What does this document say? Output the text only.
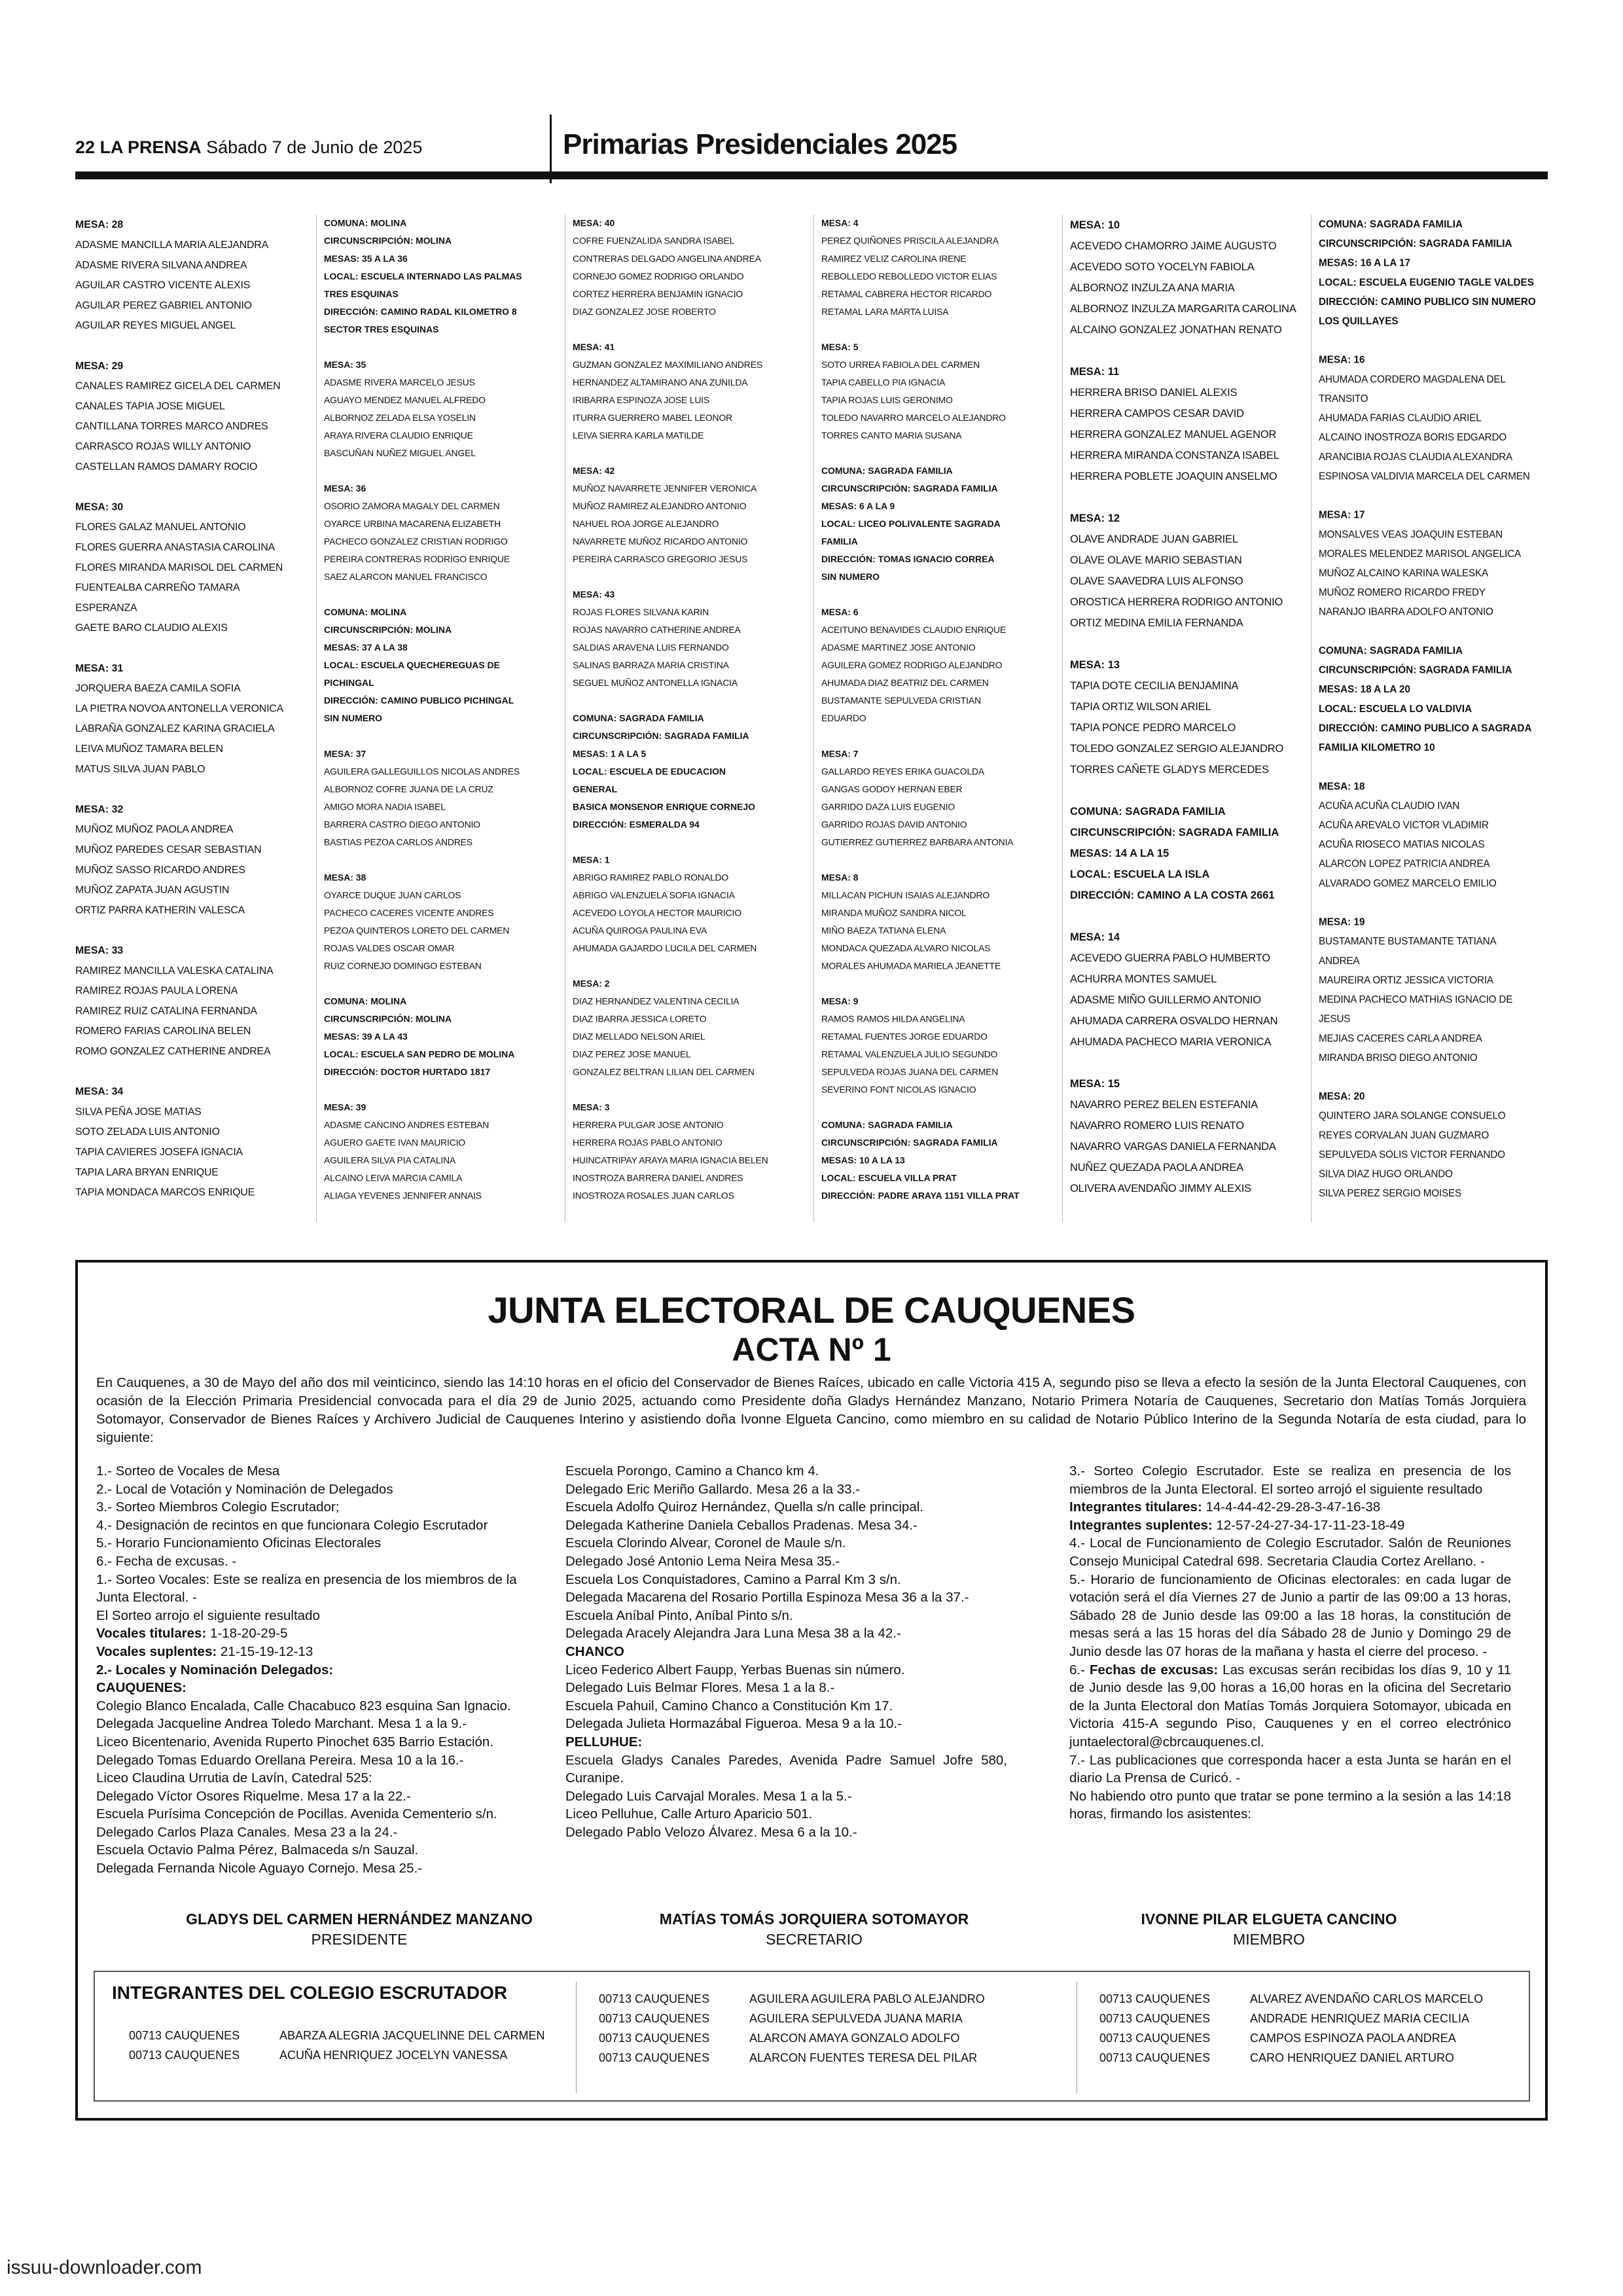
22 LA PRENSA Sábado 7 de Junio de 2025	Primarias Presidenciales 2025
MESA: 28
ADASME MANCILLA MARIA ALEJANDRA
ADASME RIVERA SILVANA ANDREA
AGUILAR CASTRO VICENTE ALEXIS
AGUILAR PEREZ GABRIEL ANTONIO
AGUILAR REYES MIGUEL ANGEL
MESA: 29
CANALES RAMIREZ GICELA DEL CARMEN
CANALES TAPIA JOSE MIGUEL
CANTILLANA TORRES MARCO ANDRES
CARRASCO ROJAS WILLY ANTONIO
CASTELLAN RAMOS DAMARY ROCIO
MESA: 30
FLORES GALAZ MANUEL ANTONIO
FLORES GUERRA ANASTASIA CAROLINA
FLORES MIRANDA MARISOL DEL CARMEN
FUENTEALBA CARREÑO TAMARA ESPERANZA
GAETE BARO CLAUDIO ALEXIS
MESA: 31
JORQUERA BAEZA CAMILA SOFIA
LA PIETRA NOVOA ANTONELLA VERONICA
LABRAÑA GONZALEZ KARINA GRACIELA
LEIVA MUÑOZ TAMARA BELEN
MATUS SILVA JUAN PABLO
MESA: 32
MUÑOZ MUÑOZ PAOLA ANDREA
MUÑOZ PAREDES CESAR SEBASTIAN
MUÑOZ SASSO RICARDO ANDRES
MUÑOZ ZAPATA JUAN AGUSTIN
ORTIZ PARRA KATHERIN VALESCA
MESA: 33
RAMIREZ MANCILLA VALESKA CATALINA
RAMIREZ ROJAS PAULA LORENA
RAMIREZ RUIZ CATALINA FERNANDA
ROMERO FARIAS CAROLINA BELEN
ROMO GONZALEZ CATHERINE ANDREA
MESA: 34
SILVA PEÑA JOSE MATIAS
SOTO ZELADA LUIS ANTONIO
TAPIA CAVIERES JOSEFA IGNACIA
TAPIA LARA BRYAN ENRIQUE
TAPIA MONDACA MARCOS ENRIQUE
COMUNA: MOLINA
CIRCUNSCRIPCIÓN: MOLINA
MESAS: 35 A LA 36
LOCAL: ESCUELA INTERNADO LAS PALMAS
TRES ESQUINAS
DIRECCIÓN: CAMINO RADAL KILOMETRO 8
SECTOR TRES ESQUINAS
MESA: 35
ADASME RIVERA MARCELO JESUS
AGUAYO MENDEZ MANUEL ALFREDO
ALBORNOZ ZELADA ELSA YOSELIN
ARAYA RIVERA CLAUDIO ENRIQUE
BASCUÑAN NUÑEZ MIGUEL ANGEL
MESA: 36
OSORIO ZAMORA MAGALY DEL CARMEN
OYARCE URBINA MACARENA ELIZABETH
PACHECO GONZALEZ CRISTIAN RODRIGO
PEREIRA CONTRERAS RODRIGO ENRIQUE
SAEZ ALARCON MANUEL FRANCISCO
COMUNA: MOLINA
CIRCUNSCRIPCIÓN: MOLINA
MESAS: 37 A LA 38
LOCAL: ESCUELA QUECHEREGUAS DE
PICHINGAL
DIRECCIÓN: CAMINO PUBLICO PICHINGAL
SIN NUMERO
MESA: 37
AGUILERA GALLEGUILLOS NICOLAS ANDRES
ALBORNOZ COFRE JUANA DE LA CRUZ
AMIGO MORA NADIA ISABEL
BARRERA CASTRO DIEGO ANTONIO
BASTIAS PEZOA CARLOS ANDRES
MESA: 38
OYARCE DUQUE JUAN CARLOS
PACHECO CACERES VICENTE ANDRES
PEZOA QUINTEROS LORETO DEL CARMEN
ROJAS VALDES OSCAR OMAR
RUIZ CORNEJO DOMINGO ESTEBAN
COMUNA: MOLINA
CIRCUNSCRIPCIÓN: MOLINA
MESAS: 39 A LA 43
LOCAL: ESCUELA SAN PEDRO DE MOLINA
DIRECCIÓN: DOCTOR HURTADO 1817
MESA: 39
ADASME CANCINO ANDRES ESTEBAN
AGUERO GAETE IVAN MAURICIO
AGUILERA SILVA PIA CATALINA
ALCAINO LEIVA MARCIA CAMILA
ALIAGA YEVENES JENNIFER ANNAIS
MESA: 40
COFRE FUENZALIDA SANDRA ISABEL
CONTRERAS DELGADO ANGELINA ANDREA
CORNEJO GOMEZ RODRIGO ORLANDO
CORTEZ HERRERA BENJAMIN IGNACIO
DIAZ GONZALEZ JOSE ROBERTO
MESA: 41
GUZMAN GONZALEZ MAXIMILIANO ANDRES
HERNANDEZ ALTAMIRANO ANA ZUNILDA
IRIBARRA ESPINOZA JOSE LUIS
ITURRA GUERRERO MABEL LEONOR
LEIVA SIERRA KARLA MATILDE
MESA: 42
MUÑOZ NAVARRETE JENNIFER VERONICA
MUÑOZ RAMIREZ ALEJANDRO ANTONIO
NAHUEL ROA JORGE ALEJANDRO
NAVARRETE MUÑOZ RICARDO ANTONIO
PEREIRA CARRASCO GREGORIO JESUS
MESA: 43
ROJAS FLORES SILVANA KARIN
ROJAS NAVARRO CATHERINE ANDREA
SALDIAS ARAVENA LUIS FERNANDO
SALINAS BARRAZA MARIA CRISTINA
SEGUEL MUÑOZ ANTONELLA IGNACIA
COMUNA: SAGRADA FAMILIA
CIRCUNSCRIPCIÓN: SAGRADA FAMILIA
MESAS: 1 A LA 5
LOCAL: ESCUELA DE EDUCACION GENERAL
BASICA MONSENOR ENRIQUE CORNEJO
DIRECCIÓN: ESMERALDA 94
MESA: 1
ABRIGO RAMIREZ PABLO RONALDO
ABRIGO VALENZUELA SOFIA IGNACIA
ACEVEDO LOYOLA HECTOR MAURICIO
ACUÑA QUIROGA PAULINA EVA
AHUMADA GAJARDO LUCILA DEL CARMEN
MESA: 2
DIAZ HERNANDEZ VALENTINA CECILIA
DIAZ IBARRA JESSICA LORETO
DIAZ MELLADO NELSON ARIEL
DIAZ PEREZ JOSE MANUEL
GONZALEZ BELTRAN LILIAN DEL CARMEN
MESA: 3
HERRERA PULGAR JOSE ANTONIO
HERRERA ROJAS PABLO ANTONIO
HUINCATRIPAY ARAYA MARIA IGNACIA BELEN
INOSTROZA BARRERA DANIEL ANDRES
INOSTROZA ROSALES JUAN CARLOS
MESA: 4
PEREZ QUIÑONES PRISCILA ALEJANDRA
RAMIREZ VELIZ CAROLINA IRENE
REBOLLEDO REBOLLEDO VICTOR ELIAS
RETAMAL CABRERA HECTOR RICARDO
RETAMAL LARA MARTA LUISA
MESA: 5
SOTO URREA FABIOLA DEL CARMEN
TAPIA CABELLO PIA IGNACIA
TAPIA ROJAS LUIS GERONIMO
TOLEDO NAVARRO MARCELO ALEJANDRO
TORRES CANTO MARIA SUSANA
COMUNA: SAGRADA FAMILIA
CIRCUNSCRIPCIÓN: SAGRADA FAMILIA
MESAS: 6 A LA 9
LOCAL: LICEO POLIVALENTE SAGRADA
FAMILIA
DIRECCIÓN: TOMAS IGNACIO CORREA
SIN NUMERO
MESA: 6
ACEITUNO BENAVIDES CLAUDIO ENRIQUE
ADASME MARTINEZ JOSE ANTONIO
AGUILERA GOMEZ RODRIGO ALEJANDRO
AHUMADA DIAZ BEATRIZ DEL CARMEN
BUSTAMANTE SEPULVEDA CRISTIAN EDUARDO
MESA: 7
GALLARDO REYES ERIKA GUACOLDA
GANGAS GODOY HERNAN EBER
GARRIDO DAZA LUIS EUGENIO
GARRIDO ROJAS DAVID ANTONIO
GUTIERREZ GUTIERREZ BARBARA ANTONIA
MESA: 8
MILLACAN PICHUN ISAIAS ALEJANDRO
MIRANDA MUÑOZ SANDRA NICOL
MIÑO BAEZA TATIANA ELENA
MONDACA QUEZADA ALVARO NICOLAS
MORALES AHUMADA MARIELA JEANETTE
MESA: 9
RAMOS RAMOS HILDA ANGELINA
RETAMAL FUENTES JORGE EDUARDO
RETAMAL VALENZUELA JULIO SEGUNDO
SEPULVEDA ROJAS JUANA DEL CARMEN
SEVERINO FONT NICOLAS IGNACIO
COMUNA: SAGRADA FAMILIA
CIRCUNSCRIPCIÓN: SAGRADA FAMILIA
MESAS: 10 A LA 13
LOCAL: ESCUELA VILLA PRAT
DIRECCIÓN: PADRE ARAYA 1151 VILLA PRAT
MESA: 10
ACEVEDO CHAMORRO JAIME AUGUSTO
ACEVEDO SOTO YOCELYN FABIOLA
ALBORNOZ INZULZA ANA MARIA
ALBORNOZ INZULZA MARGARITA CAROLINA
ALCAINO GONZALEZ JONATHAN RENATO
MESA: 11
HERRERA BRISO DANIEL ALEXIS
HERRERA CAMPOS CESAR DAVID
HERRERA GONZALEZ MANUEL AGENOR
HERRERA MIRANDA CONSTANZA ISABEL
HERRERA POBLETE JOAQUIN ANSELMO
MESA: 12
OLAVE ANDRADE JUAN GABRIEL
OLAVE OLAVE MARIO SEBASTIAN
OLAVE SAAVEDRA LUIS ALFONSO
OROSTICA HERRERA RODRIGO ANTONIO
ORTIZ MEDINA EMILIA FERNANDA
MESA: 13
TAPIA DOTE CECILIA BENJAMINA
TAPIA ORTIZ WILSON ARIEL
TAPIA PONCE PEDRO MARCELO
TOLEDO GONZALEZ SERGIO ALEJANDRO
TORRES CAÑETE GLADYS MERCEDES
COMUNA: SAGRADA FAMILIA
CIRCUNSCRIPCIÓN: SAGRADA FAMILIA
MESAS: 14 A LA 15
LOCAL: ESCUELA LA ISLA
DIRECCIÓN: CAMINO A LA COSTA 2661
MESA: 14
ACEVEDO GUERRA PABLO HUMBERTO
ACHURRA MONTES SAMUEL
ADASME MIÑO GUILLERMO ANTONIO
AHUMADA CARRERA OSVALDO HERNAN
AHUMADA PACHECO MARIA VERONICA
MESA: 15
NAVARRO PEREZ BELEN ESTEFANIA
NAVARRO ROMERO LUIS RENATO
NAVARRO VARGAS DANIELA FERNANDA
NUÑEZ QUEZADA PAOLA ANDREA
OLIVERA AVENDAÑO JIMMY ALEXIS
COMUNA: SAGRADA FAMILIA
CIRCUNSCRIPCIÓN: SAGRADA FAMILIA
MESAS: 16 A LA 17
LOCAL: ESCUELA EUGENIO TAGLE VALDES
DIRECCIÓN: CAMINO PUBLICO SIN NUMERO
LOS QUILLAYES
MESA: 16
AHUMADA CORDERO MAGDALENA DEL TRANSITO
AHUMADA FARIAS CLAUDIO ARIEL
ALCAINO INOSTROZA BORIS EDGARDO
ARANCIBIA ROJAS CLAUDIA ALEXANDRA
ESPINOSA VALDIVIA MARCELA DEL CARMEN
MESA: 17
MONSALVES VEAS JOAQUIN ESTEBAN
MORALES MELENDEZ MARISOL ANGELICA
MUÑOZ ALCAINO KARINA WALESKA
MUÑOZ ROMERO RICARDO FREDY
NARANJO IBARRA ADOLFO ANTONIO
COMUNA: SAGRADA FAMILIA
CIRCUNSCRIPCIÓN: SAGRADA FAMILIA
MESAS: 18 A LA 20
LOCAL: ESCUELA LO VALDIVIA
DIRECCIÓN: CAMINO PUBLICO A SAGRADA
FAMILIA KILOMETRO 10
MESA: 18
ACUÑA ACUÑA CLAUDIO IVAN
ACUÑA AREVALO VICTOR VLADIMIR
ACUÑA RIOSECO MATIAS NICOLAS
ALARCON LOPEZ PATRICIA ANDREA
ALVARADO GOMEZ MARCELO EMILIO
MESA: 19
BUSTAMANTE BUSTAMANTE TATIANA ANDREA
MAUREIRA ORTIZ JESSICA VICTORIA
MEDINA PACHECO MATHIAS IGNACIO DE JESUS
MEJIAS CACERES CARLA ANDREA
MIRANDA BRISO DIEGO ANTONIO
MESA: 20
QUINTERO JARA SOLANGE CONSUELO
REYES CORVALAN JUAN GUZMARO
SEPULVEDA SOLIS VICTOR FERNANDO
SILVA DIAZ HUGO ORLANDO
SILVA PEREZ SERGIO MOISES
JUNTA ELECTORAL DE CAUQUENES
ACTA Nº 1
En Cauquenes, a 30 de Mayo del año dos mil veinticinco, siendo las 14:10 horas en el oficio del Conservador de Bienes Raíces, ubicado en calle Victoria 415 A, segundo piso se lleva a efecto la sesión de la Junta Electoral Cauquenes, con ocasión de la Elección Primaria Presidencial convocada para el día 29 de Junio 2025, actuando como Presidente doña Gladys Hernández Manzano, Notario Primera Notaría de Cauquenes, Secretario don Matías Tomás Jorquiera Sotomayor, Conservador de Bienes Raíces y Archivero Judicial de Cauquenes Interino y asistiendo doña Ivonne Elgueta Cancino, como miembro en su calidad de Notario Público Interino de la Segunda Notaría de esta ciudad, para lo siguiente:

1.- Sorteo de Vocales de Mesa

2.- Local de Votación y Nominación de Delegados

3.- Sorteo Miembros Colegio Escrutador;

4.- Designación de recintos en que funcionara Colegio Escrutador

5.- Horario Funcionamiento Oficinas Electorales

6.- Fecha de excusas. -

1.- Sorteo Vocales: Este se realiza en presencia de los miembros de la Junta Electoral. -

El Sorteo arrojo el siguiente resultado

Vocales titulares: 1-18-20-29-5

Vocales suplentes: 21-15-19-12-13

2.- Locales y Nominación Delegados:

CAUQUENES:

Colegio Blanco Encalada, Calle Chacabuco 823 esquina San Ignacio.

Delegada Jacqueline Andrea Toledo Marchant. Mesa 1 a la 9.-

Liceo Bicentenario, Avenida Ruperto Pinochet 635 Barrio Estación.

Delegado Tomas Eduardo Orellana Pereira. Mesa 10 a la 16.-

Liceo Claudina Urrutia de Lavín, Catedral 525:

Delegado Víctor Osores Riquelme. Mesa 17 a la 22.-

Escuela Purísima Concepción de Pocillas. Avenida Cementerio s/n.

Delegado Carlos Plaza Canales. Mesa 23 a la 24.-

Escuela Octavio Palma Pérez, Balmaceda s/n Sauzal.

Delegada Fernanda Nicole Aguayo Cornejo. Mesa 25.-

Escuela Porongo, Camino a Chanco km 4.

Delegado Eric Meriño Gallardo. Mesa 26 a la 33.-

Escuela Adolfo Quiroz Hernández, Quella s/n calle principal.

Delegada Katherine Daniela Ceballos Pradenas. Mesa 34.-

Escuela Clorindo Alvear, Coronel de Maule s/n.

Delegado José Antonio Lema Neira Mesa 35.-

Escuela Los Conquistadores, Camino a Parral Km 3 s/n.

Delegada Macarena del Rosario Portilla Espinoza Mesa 36 a la 37.-

Escuela Aníbal Pinto, Aníbal Pinto s/n.

Delegada Aracely Alejandra Jara Luna Mesa 38 a la 42.-

CHANCO

Liceo Federico Albert Faupp, Yerbas Buenas sin número.

Delegado Luis Belmar Flores. Mesa 1 a la 8.-

Escuela Pahuil, Camino Chanco a Constitución Km 17.

Delegada Julieta Hormazábal Figueroa. Mesa 9 a la 10.-

PELLUHUE:

Escuela Gladys Canales Paredes, Avenida Padre Samuel Jofre 580, Curanipe.

Delegado Luis Carvajal Morales. Mesa 1 a la 5.-

Liceo Pelluhue, Calle Arturo Aparicio 501.

Delegado Pablo Velozo Álvarez. Mesa 6 a la 10.-

3.- Sorteo Colegio Escrutador. Este se realiza en presencia de los miembros de la Junta Electoral. El sorteo arrojó el siguiente resultado

Integrantes titulares: 14-4-44-42-29-28-3-47-16-38

Integrantes suplentes: 12-57-24-27-34-17-11-23-18-49

4.- Local de Funcionamiento de Colegio Escrutador. Salón de Reuniones Consejo Municipal Catedral 698. Secretaria Claudia Cortez Arellano. -

5.- Horario de funcionamiento de Oficinas electorales: en cada lugar de votación será el día Viernes 27 de Junio a partir de las 09:00 a 13 horas, Sábado 28 de Junio desde las 09:00 a las 18 horas, la constitución de mesas será a las 15 horas del día Sábado 28 de Junio y Domingo 29 de Junio desde las 07 horas de la mañana y hasta el cierre del proceso. -

6.- Fechas de excusas: Las excusas serán recibidas los días 9, 10 y 11 de Junio desde las 9,00 horas a 16,00 horas en la oficina del Secretario de la Junta Electoral don Matías Tomás Jorquiera Sotomayor, ubicada en Victoria 415-A segundo Piso, Cauquenes y en el correo electrónico juntaelectoral@cbrcauquenes.cl.

7.- Las publicaciones que corresponda hacer a esta Junta se harán en el diario La Prensa de Curicó. -

No habiendo otro punto que tratar se pone termino a la sesión a las 14:18 horas, firmando los asistentes:

GLADYS DEL CARMEN HERNÁNDEZ MANZANO
PRESIDENTE
MATÍAS TOMÁS JORQUIERA SOTOMAYOR
SECRETARIO
IVONNE PILAR ELGUETA CANCINO
MIEMBRO
INTEGRANTES DEL COLEGIO ESCRUTADOR
00713 CAUQUENES	ABARZA ALEGRIA JACQUELINNE DEL CARMEN
00713 CAUQUENES	ACUÑA HENRIQUEZ JOCELYN VANESSA
00713 CAUQUENES	AGUILERA AGUILERA PABLO ALEJANDRO
00713 CAUQUENES	AGUILERA SEPULVEDA JUANA MARIA
00713 CAUQUENES	ALARCON AMAYA GONZALO ADOLFO
00713 CAUQUENES	ALARCON FUENTES TERESA DEL PILAR
00713 CAUQUENES	ALVAREZ AVENDAÑO CARLOS MARCELO
00713 CAUQUENES	ANDRADE HENRIQUEZ MARIA CECILIA
00713 CAUQUENES	CAMPOS ESPINOZA PAOLA ANDREA
00713 CAUQUENES	CARO HENRIQUEZ DANIEL ARTURO
issuu-downloader.com
